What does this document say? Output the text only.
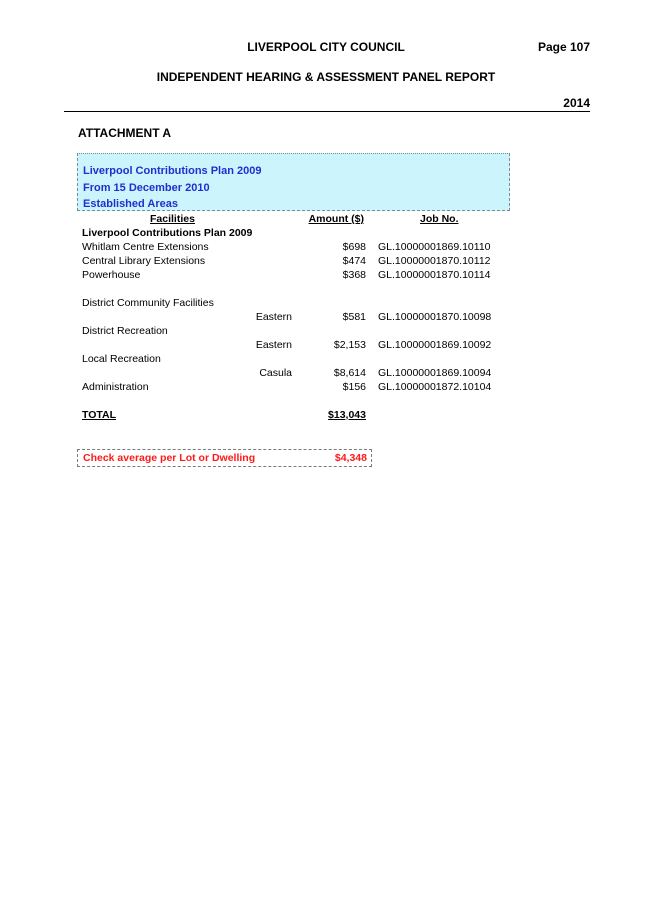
LIVERPOOL CITY COUNCIL	Page 107
INDEPENDENT HEARING & ASSESSMENT PANEL REPORT
2014
ATTACHMENT A
Liverpool Contributions Plan 2009
From 15 December 2010
Established Areas
Facilities	Amount ($)	Job No.
Liverpool Contributions Plan 2009
Whitlam Centre Extensions	$698 GL.10000001869.10110
Central Library Extensions	$474 GL.10000001870.10112
Powerhouse	$368 GL.10000001870.10114
District Community Facilities
Eastern	$581 GL.10000001870.10098
District Recreation
Eastern	$2,153 GL.10000001869.10092
Local Recreation
Casula	$8,614 GL.10000001869.10094
Administration	$156 GL.10000001872.10104
TOTAL	$13,043
Check average per Lot or Dwelling	$4,348
